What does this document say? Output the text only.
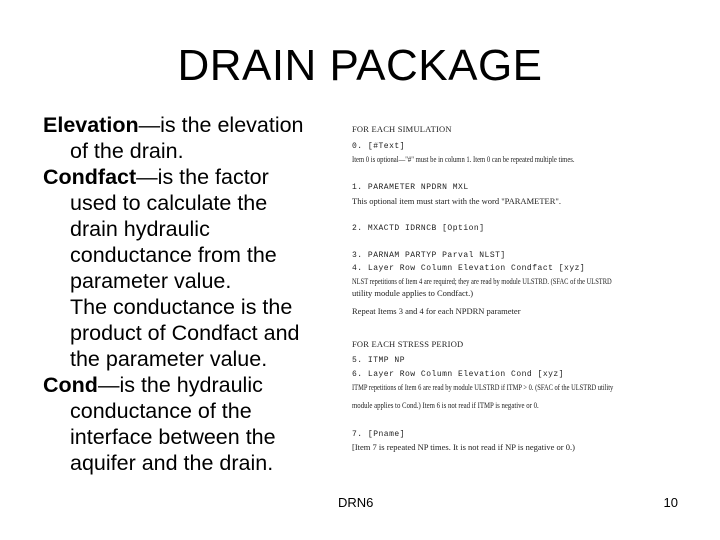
DRAIN PACKAGE

Elevation—is the elevation
of the drain.

Condfact—is the factor
used to calculate the
drain hydraulic
conductance from the
parameter value.
The conductance is the
product of Condfact and
the parameter value.

Cond—is the hydraulic
conductance of the
interface between the
aquifer and the drain.

FOR EACH SIMULATION
0. [#Text]
Item 0 is optional—"#" must be in column 1. Item 0 can be repeated multiple times.
1. PARAMETER NPDRN MXL
This optional item must start with the word "PARAMETER".
2. MXACTD IDRNCB [Option]
3. PARNAM PARTYP Parval NLST]
4. Layer Row Column Elevation Condfact [xyz]
NLST repetitions of Item 4 are required; they are read by module ULSTRD. (SFAC of the ULSTRD
utility module applies to Condfact.)
Repeat Items 3 and 4 for each NPDRN parameter
FOR EACH STRESS PERIOD
5. ITMP NP
6. Layer Row Column Elevation Cond [xyz]
ITMP repetitions of Item 6 are read by module ULSTRD if ITMP > 0. (SFAC of the ULSTRD utility
module applies to Cond.) Item 6 is not read if ITMP is negative or 0.
7. [Pname]
[Item 7 is repeated NP times. It is not read if NP is negative or 0.)
DRN6	10
